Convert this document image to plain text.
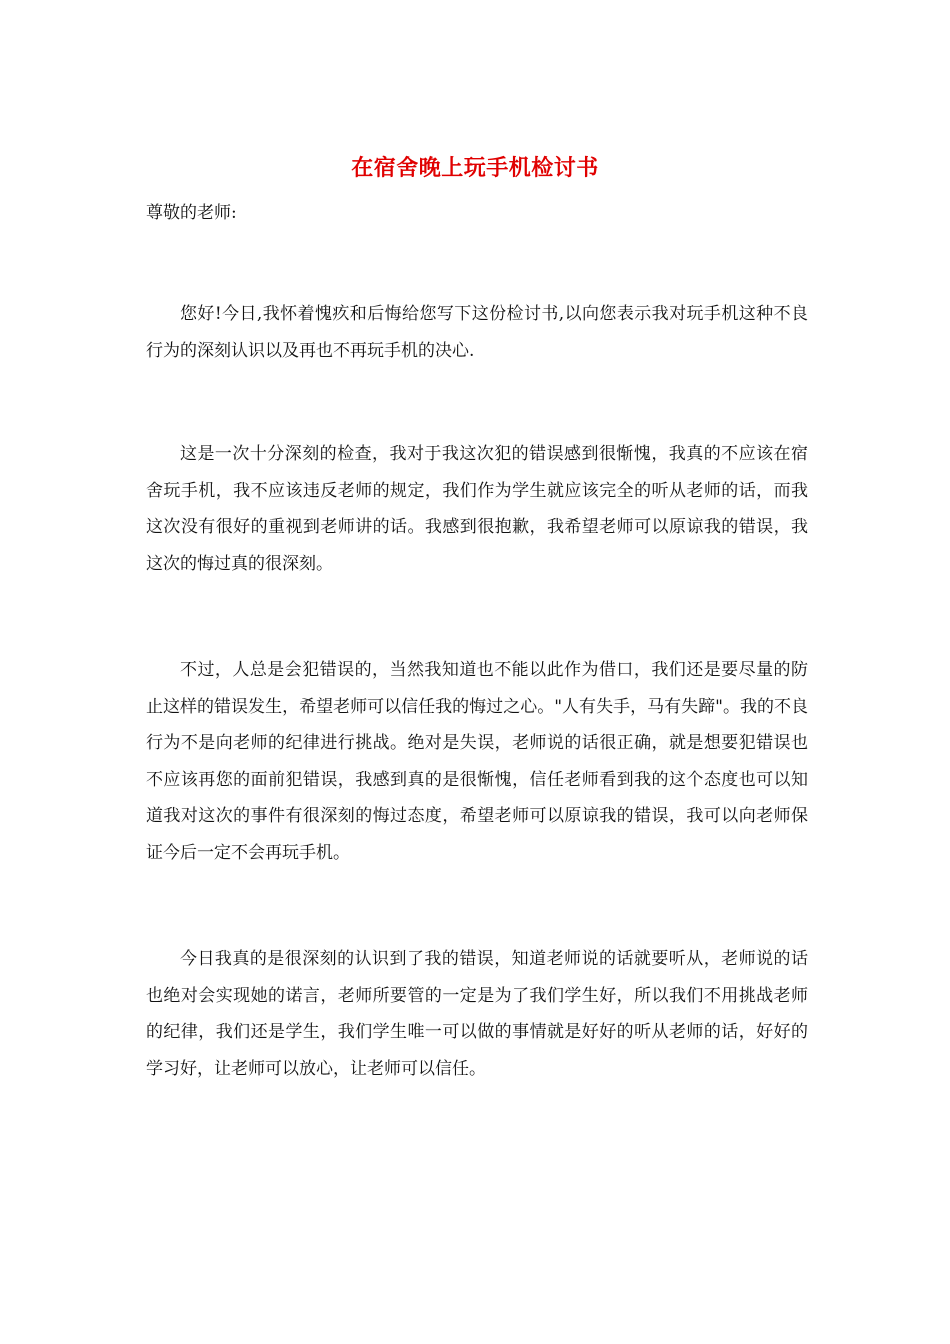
在宿舍晚上玩手机检讨书
尊敬的老师:

您好!今日,我怀着愧疚和后悔给您写下这份检讨书,以向您表示我对玩手机这种不良行为的深刻认识以及再也不再玩手机的决心.

这是一次十分深刻的检查，我对于我这次犯的错误感到很惭愧，我真的不应该在宿舍玩手机，我不应该违反老师的规定，我们作为学生就应该完全的听从老师的话，而我这次没有很好的重视到老师讲的话。我感到很抱歉，我希望老师可以原谅我的错误，我这次的悔过真的很深刻。

不过，人总是会犯错误的，当然我知道也不能以此作为借口，我们还是要尽量的防止这样的错误发生，希望老师可以信任我的悔过之心。"人有失手，马有失蹄"。我的不良行为不是向老师的纪律进行挑战。绝对是失误，老师说的话很正确，就是想要犯错误也不应该再您的面前犯错误，我感到真的是很惭愧，信任老师看到我的这个态度也可以知道我对这次的事件有很深刻的悔过态度，希望老师可以原谅我的错误，我可以向老师保证今后一定不会再玩手机。

今日我真的是很深刻的认识到了我的错误，知道老师说的话就要听从，老师说的话也绝对会实现她的诺言，老师所要管的一定是为了我们学生好，所以我们不用挑战老师的纪律，我们还是学生，我们学生唯一可以做的事情就是好好的听从老师的话，好好的学习好，让老师可以放心，让老师可以信任。
